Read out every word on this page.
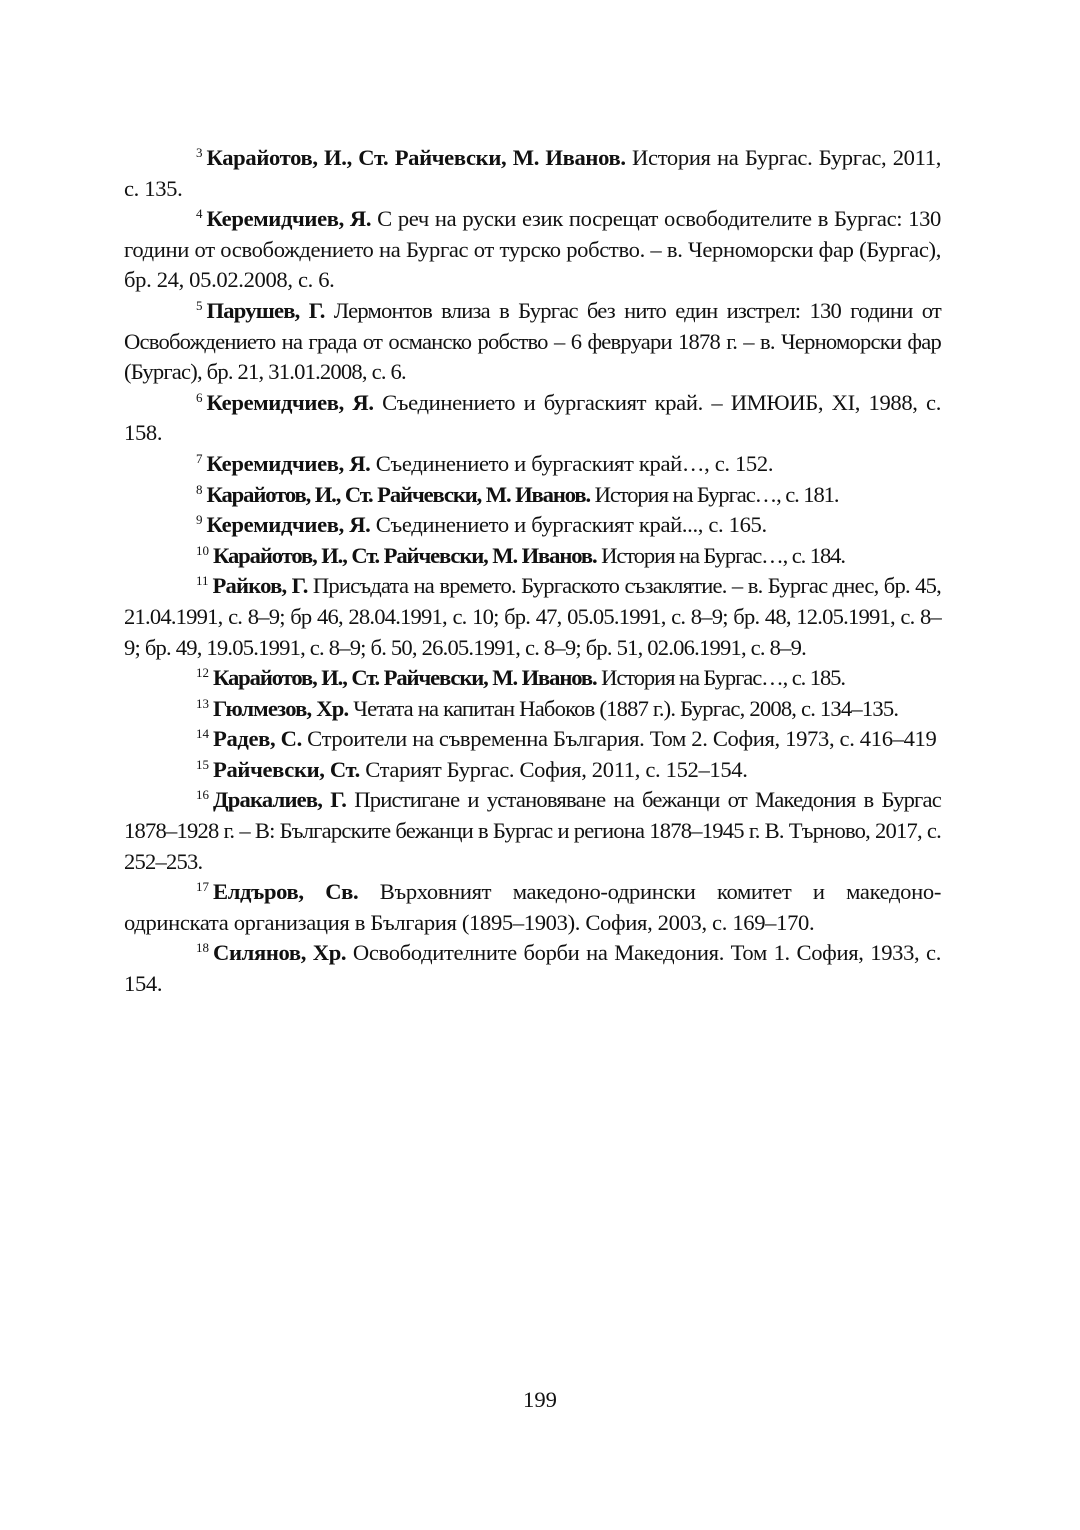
$^3$ Карайотов, И., Ст. Райчевски, М. Иванов. История на Бургас. Бургас, 2011, с. 135.

$^4$ Керемидчиев, Я. С реч на руски език посрещат освободителите в Бургас: 130 години от освобождението на Бургас от турско робство. – в. Черноморски фар (Бургас), бр. 24, 05.02.2008, с. 6.

$^5$ Парушев, Г. Лермонтов влиза в Бургас без нито един изстрел: 130 години от Освобождението на града от османско робство – 6 февруари 1878 г. – в. Черноморски фар (Бургас), бр. 21, 31.01.2008, с. 6.

$^6$ Керемидчиев, Я. Съединението и бургаският край. – ИМЮИБ, XI, 1988, с. 158.

$^7$ Керемидчиев, Я. Съединението и бургаският край…, с. 152.

$^8$ Карайотов, И., Ст. Райчевски, М. Иванов. История на Бургас…, с. 181.

$^9$ Керемидчиев, Я. Съединението и бургаският край..., с. 165.

$^{10}$ Карайотов, И., Ст. Райчевски, М. Иванов. История на Бургас…, с. 184.

$^{11}$ Райков, Г. Присъдата на времето. Бургаското съзаклятие. – в. Бургас днес, бр. 45, 21.04.1991, с. 8–9; бр 46, 28.04.1991, с. 10; бр. 47, 05.05.1991, с. 8–9; бр. 48, 12.05.1991, с. 8–9; бр. 49, 19.05.1991, с. 8–9; б. 50, 26.05.1991, с. 8–9; бр. 51, 02.06.1991, с. 8–9.

$^{12}$ Карайотов, И., Ст. Райчевски, М. Иванов. История на Бургас…, с. 185.

$^{13}$ Гюлмезов, Хр. Четата на капитан Набоков (1887 г.). Бургас, 2008, с. 134–135.

$^{14}$ Радев, С. Строители на съвременна България. Том 2. София, 1973, с. 416–419

$^{15}$ Райчевски, Ст. Старият Бургас. София, 2011, с. 152–154.

$^{16}$ Дракалиев, Г. Пристигане и установяване на бежанци от Македония в Бургас 1878–1928 г. – В: Българските бежанци в Бургас и региона 1878–1945 г. В. Търново, 2017, с. 252–253.

$^{17}$ Елдъров, Св. Върховният македоно-одрински комитет и македоно-одринската организация в България (1895–1903). София, 2003, с. 169–170.

$^{18}$ Силянов, Хр. Освободителните борби на Македония. Том 1. София, 1933, с. 154.

199
